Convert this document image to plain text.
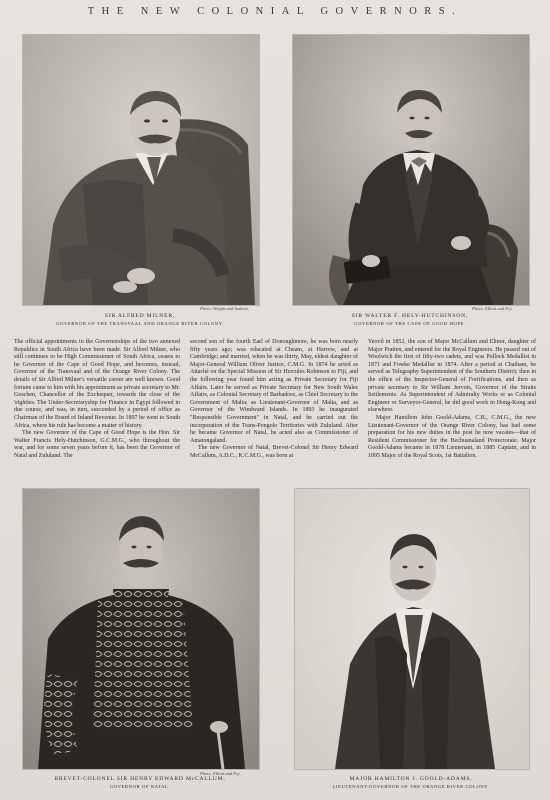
THE NEW COLONIAL GOVERNORS.
Photo. Wright and Andrew.
SIR ALFRED MILNER,
GOVERNOR OF THE TRANSVAAL AND ORANGE RIVER COLONY.
Photo. Elliott and Fry.
SIR WALTER F. HELY-HUTCHINSON,
GOVERNOR OF THE CAPE OF GOOD HOPE.

The official appointments to the Governorships of the two annexed Republics in South Africa have been made. Sir Alfred Milner, who still continues to be High Commissioner of South Africa, ceases to be Governor of the Cape of Good Hope, and becomes, instead, Governor of the Transvaal and of the Orange River Colony. The details of Sir Alfred Milner's versatile career are well known. Good fortune came to him with his appointment as private secretary to Mr. Goschen, Chancellor of the Exchequer, towards the close of the 'eighties. The Under-Secretaryship for Finance in Egypt followed in due course, and was, in turn, succeeded by a period of office as Chairman of the Board of Inland Revenue. In 1897 he went to South Africa, where his rule has become a matter of history.

The new Governor of the Cape of Good Hope is the Hon. Sir Walter Francis Hely-Hutchinson, G.C.M.G., who throughout the war, and for some seven years before it, has been the Governor of Natal and Zululand. The

second son of the fourth Earl of Donoughmore, he was born nearly fifty years ago; was educated at Cheam, at Harrow, and at Cambridge; and married, when he was thirty, May, eldest daughter of Major-General William Oliver Justice, C.M.G. In 1874 he acted as Attaché on the Special Mission of Sir Hercules Robinson to Fiji, and the following year found him acting as Private Secretary for Fiji Affairs. Later he served as Private Secretary for New South Wales Affairs, as Colonial Secretary of Barbadoes, as Chief Secretary to the Government of Malta; as Lieutenant-Governor of Malta, and as Governor of the Windward Islands. In 1893 he inaugurated "Responsible Government" in Natal, and he carried out the incorporation of the Trans-Pongolo Territories with Zululand. After he became Governor of Natal, he acted also as Commissioner of Amatongaland.

The new Governor of Natal, Brevet-Colonel Sir Henry Edward McCallum, A.D.C., K.C.M.G., was born at

Yeovil in 1852, the son of Major McCallum and Elinor, daughter of Major Pratten, and entered for the Royal Engineers. He passed out of Woolwich the first of fifty-two cadets, and was Pollock Medallist in 1871 and Fowke Medallist in 1874. After a period at Chatham, he served as Telegraphy Superintendent of the Southern District; then in the office of the Inspector-General of Fortifications, and then as private secretary to Sir William Jervois, Governor of the Straits Settlements. As Superintendent of Admiralty Works or as Colonial Engineer or Surveyor-General, he did good work in Hong-Kong and elsewhere.

Major Hamilton John Goold-Adams, C.B., C.M.G., the new Lieutenant-Governor of the Orange River Colony, has had some preparation for his new duties in the post he now vacates—that of Resident Commissioner for the Bechuanaland Protectorate. Major Goold-Adams became in 1878 Lieutenant, in 1885 Captain, and in 1895 Major of the Royal Scots, 1st Battalion.

Photo. Elliott and Fry.
BREVET-COLONEL SIR HENRY EDWARD McCALLUM,
GOVERNOR OF NATAL.
MAJOR HAMILTON J. GOOLD-ADAMS,
LIEUTENANT-GOVERNOR OF THE ORANGE RIVER COLONY.
